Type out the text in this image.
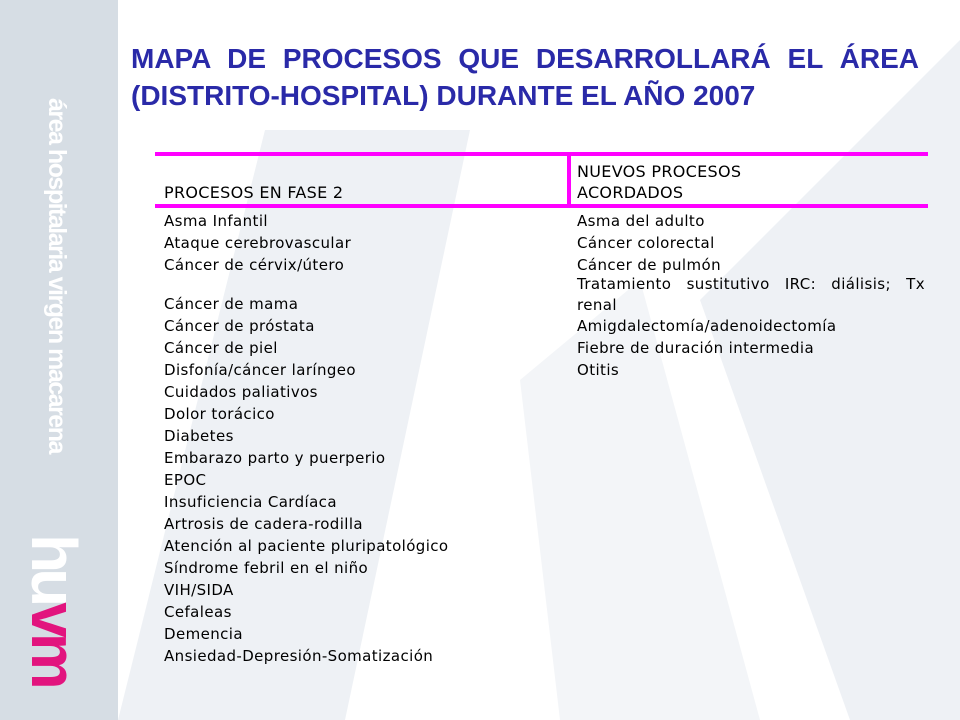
área hospitalaria virgen macarena
huvm
MAPA DE PROCESOS QUE DESARROLLARÁ EL ÁREA (DISTRITO-HOSPITAL) DURANTE EL AÑO 2007
PROCESOS EN FASE 2
NUEVOS PROCESOS ACORDADOS
Asma Infantil
Ataque cerebrovascular
Cáncer de cérvix/útero
Cáncer de mama
Cáncer de próstata
Cáncer de piel
Disfonía/cáncer laríngeo
Cuidados paliativos
Dolor torácico
Diabetes
Embarazo parto y puerperio
EPOC
Insuficiencia Cardíaca
Artrosis de cadera-rodilla
Atención al paciente pluripatológico
Síndrome febril en el niño
VIH/SIDA
Cefaleas
Demencia
Ansiedad-Depresión-Somatización
Asma del adulto
Cáncer colorectal
Cáncer de pulmón
Tratamiento sustitutivo IRC: diálisis; Tx renal
Amigdalectomía/adenoidectomía
Fiebre de duración intermedia
Otitis
